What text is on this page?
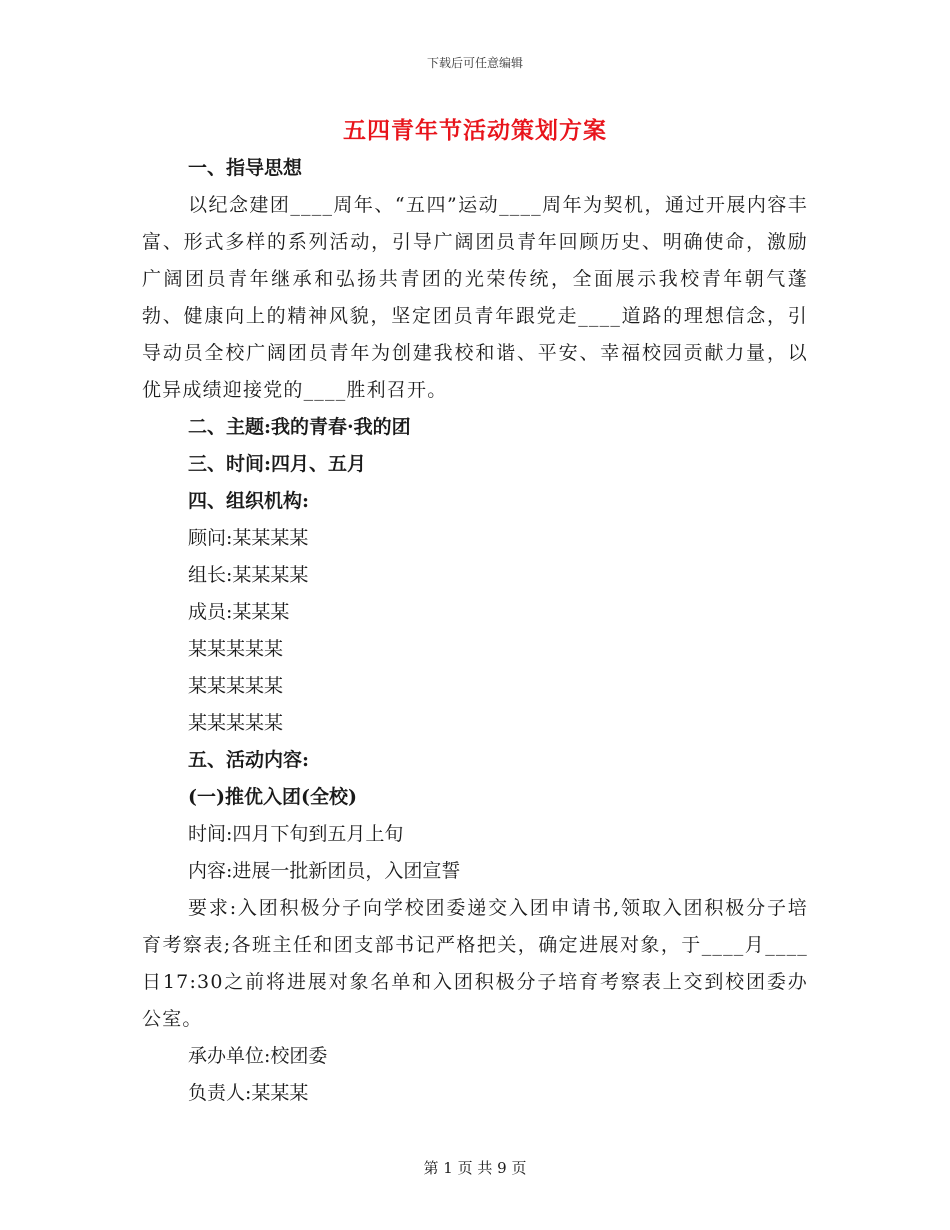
下载后可任意编辑
五四青年节活动策划方案
一、指导思想

以纪念建团____周年、“五四”运动____周年为契机，通过开展内容丰富、形式多样的系列活动，引导广阔团员青年回顾历史、明确使命，激励广阔团员青年继承和弘扬共青团的光荣传统，全面展示我校青年朝气蓬勃、健康向上的精神风貌，坚定团员青年跟党走____道路的理想信念，引导动员全校广阔团员青年为创建我校和谐、平安、幸福校园贡献力量，以优异成绩迎接党的____胜利召开。

二、主题:我的青春·我的团
三、时间:四月、五月
四、组织机构:
顾问:某某某某
组长:某某某某
成员:某某某
某某某某某
某某某某某
某某某某某
五、活动内容:
(一)推优入团(全校)
时间:四月下旬到五月上旬
内容:进展一批新团员，入团宣誓

要求:入团积极分子向学校团委递交入团申请书,领取入团积极分子培育考察表;各班主任和团支部书记严格把关，确定进展对象，于____月____日17:30之前将进展对象名单和入团积极分子培育考察表上交到校团委办公室。

承办单位:校团委
负责人:某某某
第 1 页 共 9 页
